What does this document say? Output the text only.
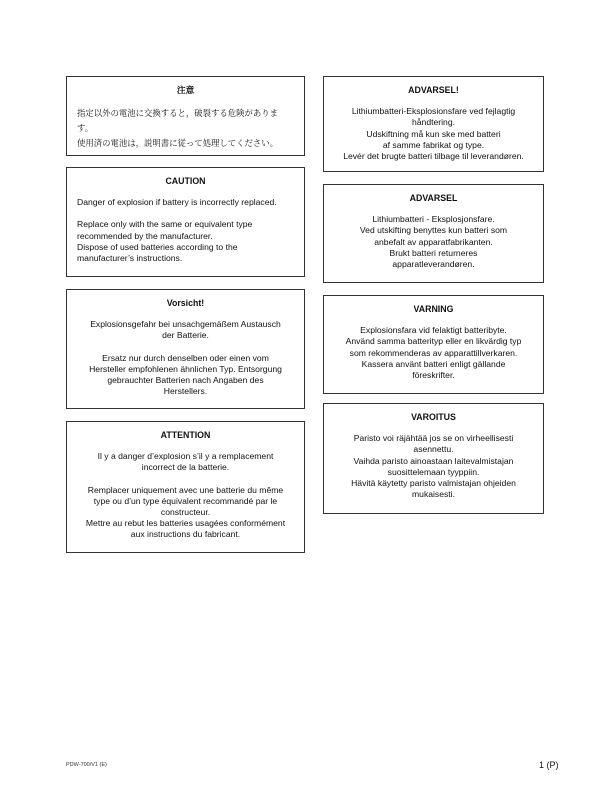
注意

指定以外の電池に交換すると，破裂する危険がありま
す。

使用済の電池は，説明書に従って処理してください。

CAUTION

Danger of explosion if battery is incorrectly replaced.

Replace only with the same or equivalent type
recommended by the manufacturer.
Dispose of used batteries according to the
manufacturer’s instructions.

Vorsicht!

Explosionsgefahr bei unsachgemäßem Austausch
der Batterie.

Ersatz nur durch denselben oder einen vom
Hersteller empfohlenen ähnlichen Typ. Entsorgung
gebrauchter Batterien nach Angaben des
Herstellers.

ATTENTION

Il y a danger d’explosion s’il y a remplacement
incorrect de la batterie.

Remplacer uniquement avec une batterie du même
type ou d’un type équivalent recommandé par le
constructeur.
Mettre au rebut les batteries usagées conformément
aux instructions du fabricant.

ADVARSEL!

Lithiumbatteri-Eksplosionsfare ved fejlagtig
håndtering.
Udskiftning må kun ske med batteri
af samme fabrikat og type.
Levér det brugte batteri tilbage til leverandøren.

ADVARSEL

Lithiumbatteri - Eksplosjonsfare.
Ved utskifting benyttes kun batteri som
anbefalt av apparatfabrikanten.
Brukt batteri returneres
apparatleverandøren.

VARNING

Explosionsfara vid felaktigt batteribyte.
Använd samma batterityp eller en likvärdig typ
som rekommenderas av apparattillverkaren.
Kassera använt batteri enligt gällande
föreskrifter.

VAROITUS

Paristo voi räjähtää jos se on virheellisesti
asennettu.
Vaihda paristo ainoastaan laitevalmistajan
suosittelemaan tyyppiin.
Hävitä käytetty paristo valmistajan ohjeiden
mukaisesti.

PDW-700/V1 (E)	1 (P)
